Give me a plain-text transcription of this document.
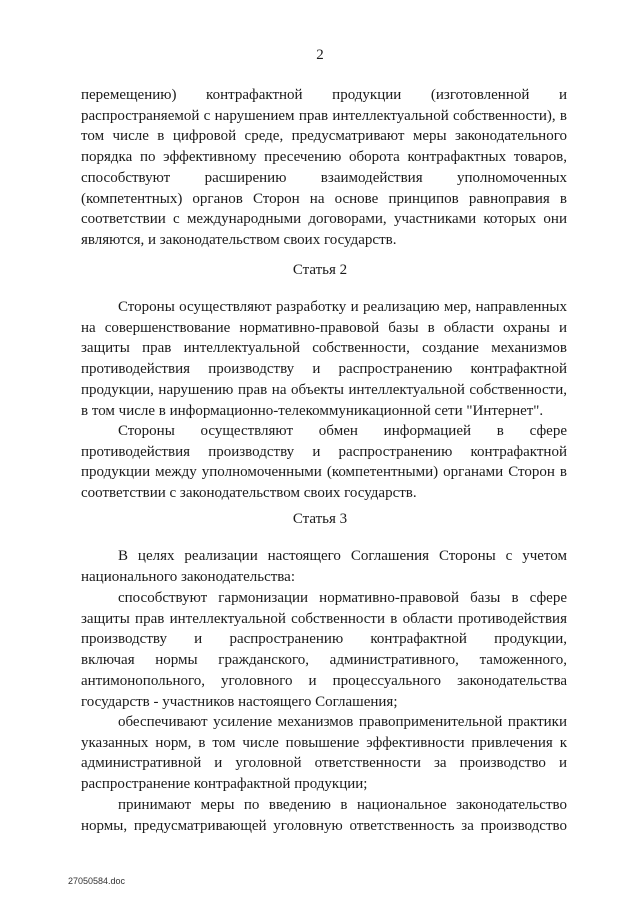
2
перемещению) контрафактной продукции (изготовленной и
распространяемой с нарушением прав интеллектуальной собственности), в
том числе в цифровой среде, предусматривают меры законодательного
порядка по эффективному пресечению оборота контрафактных товаров,
способствуют расширению взаимодействия уполномоченных
(компетентных) органов Сторон на основе принципов равноправия в
соответствии с международными договорами, участниками которых они
являются, и законодательством своих государств.
Статья 2
Стороны осуществляют разработку и реализацию мер, направленных
на совершенствование нормативно-правовой базы в области охраны и
защиты прав интеллектуальной собственности, создание механизмов
противодействия производству и распространению контрафактной
продукции, нарушению прав на объекты интеллектуальной собственности,
в том числе в информационно-телекоммуникационной сети "Интернет".
Стороны осуществляют обмен информацией в сфере
противодействия производству и распространению контрафактной
продукции между уполномоченными (компетентными) органами Сторон в
соответствии с законодательством своих государств.
Статья 3
В целях реализации настоящего Соглашения Стороны с учетом
национального законодательства:
способствуют гармонизации нормативно-правовой базы в сфере
защиты прав интеллектуальной собственности в области противодействия
производству и распространению контрафактной продукции,
включая нормы гражданского, административного, таможенного,
антимонопольного, уголовного и процессуального законодательства
государств - участников настоящего Соглашения;
обеспечивают усиление механизмов правоприменительной практики
указанных норм, в том числе повышение эффективности привлечения к
административной и уголовной ответственности за производство и
распространение контрафактной продукции;
принимают меры по введению в национальное законодательство
нормы, предусматривающей уголовную ответственность за производство
27050584.doc
